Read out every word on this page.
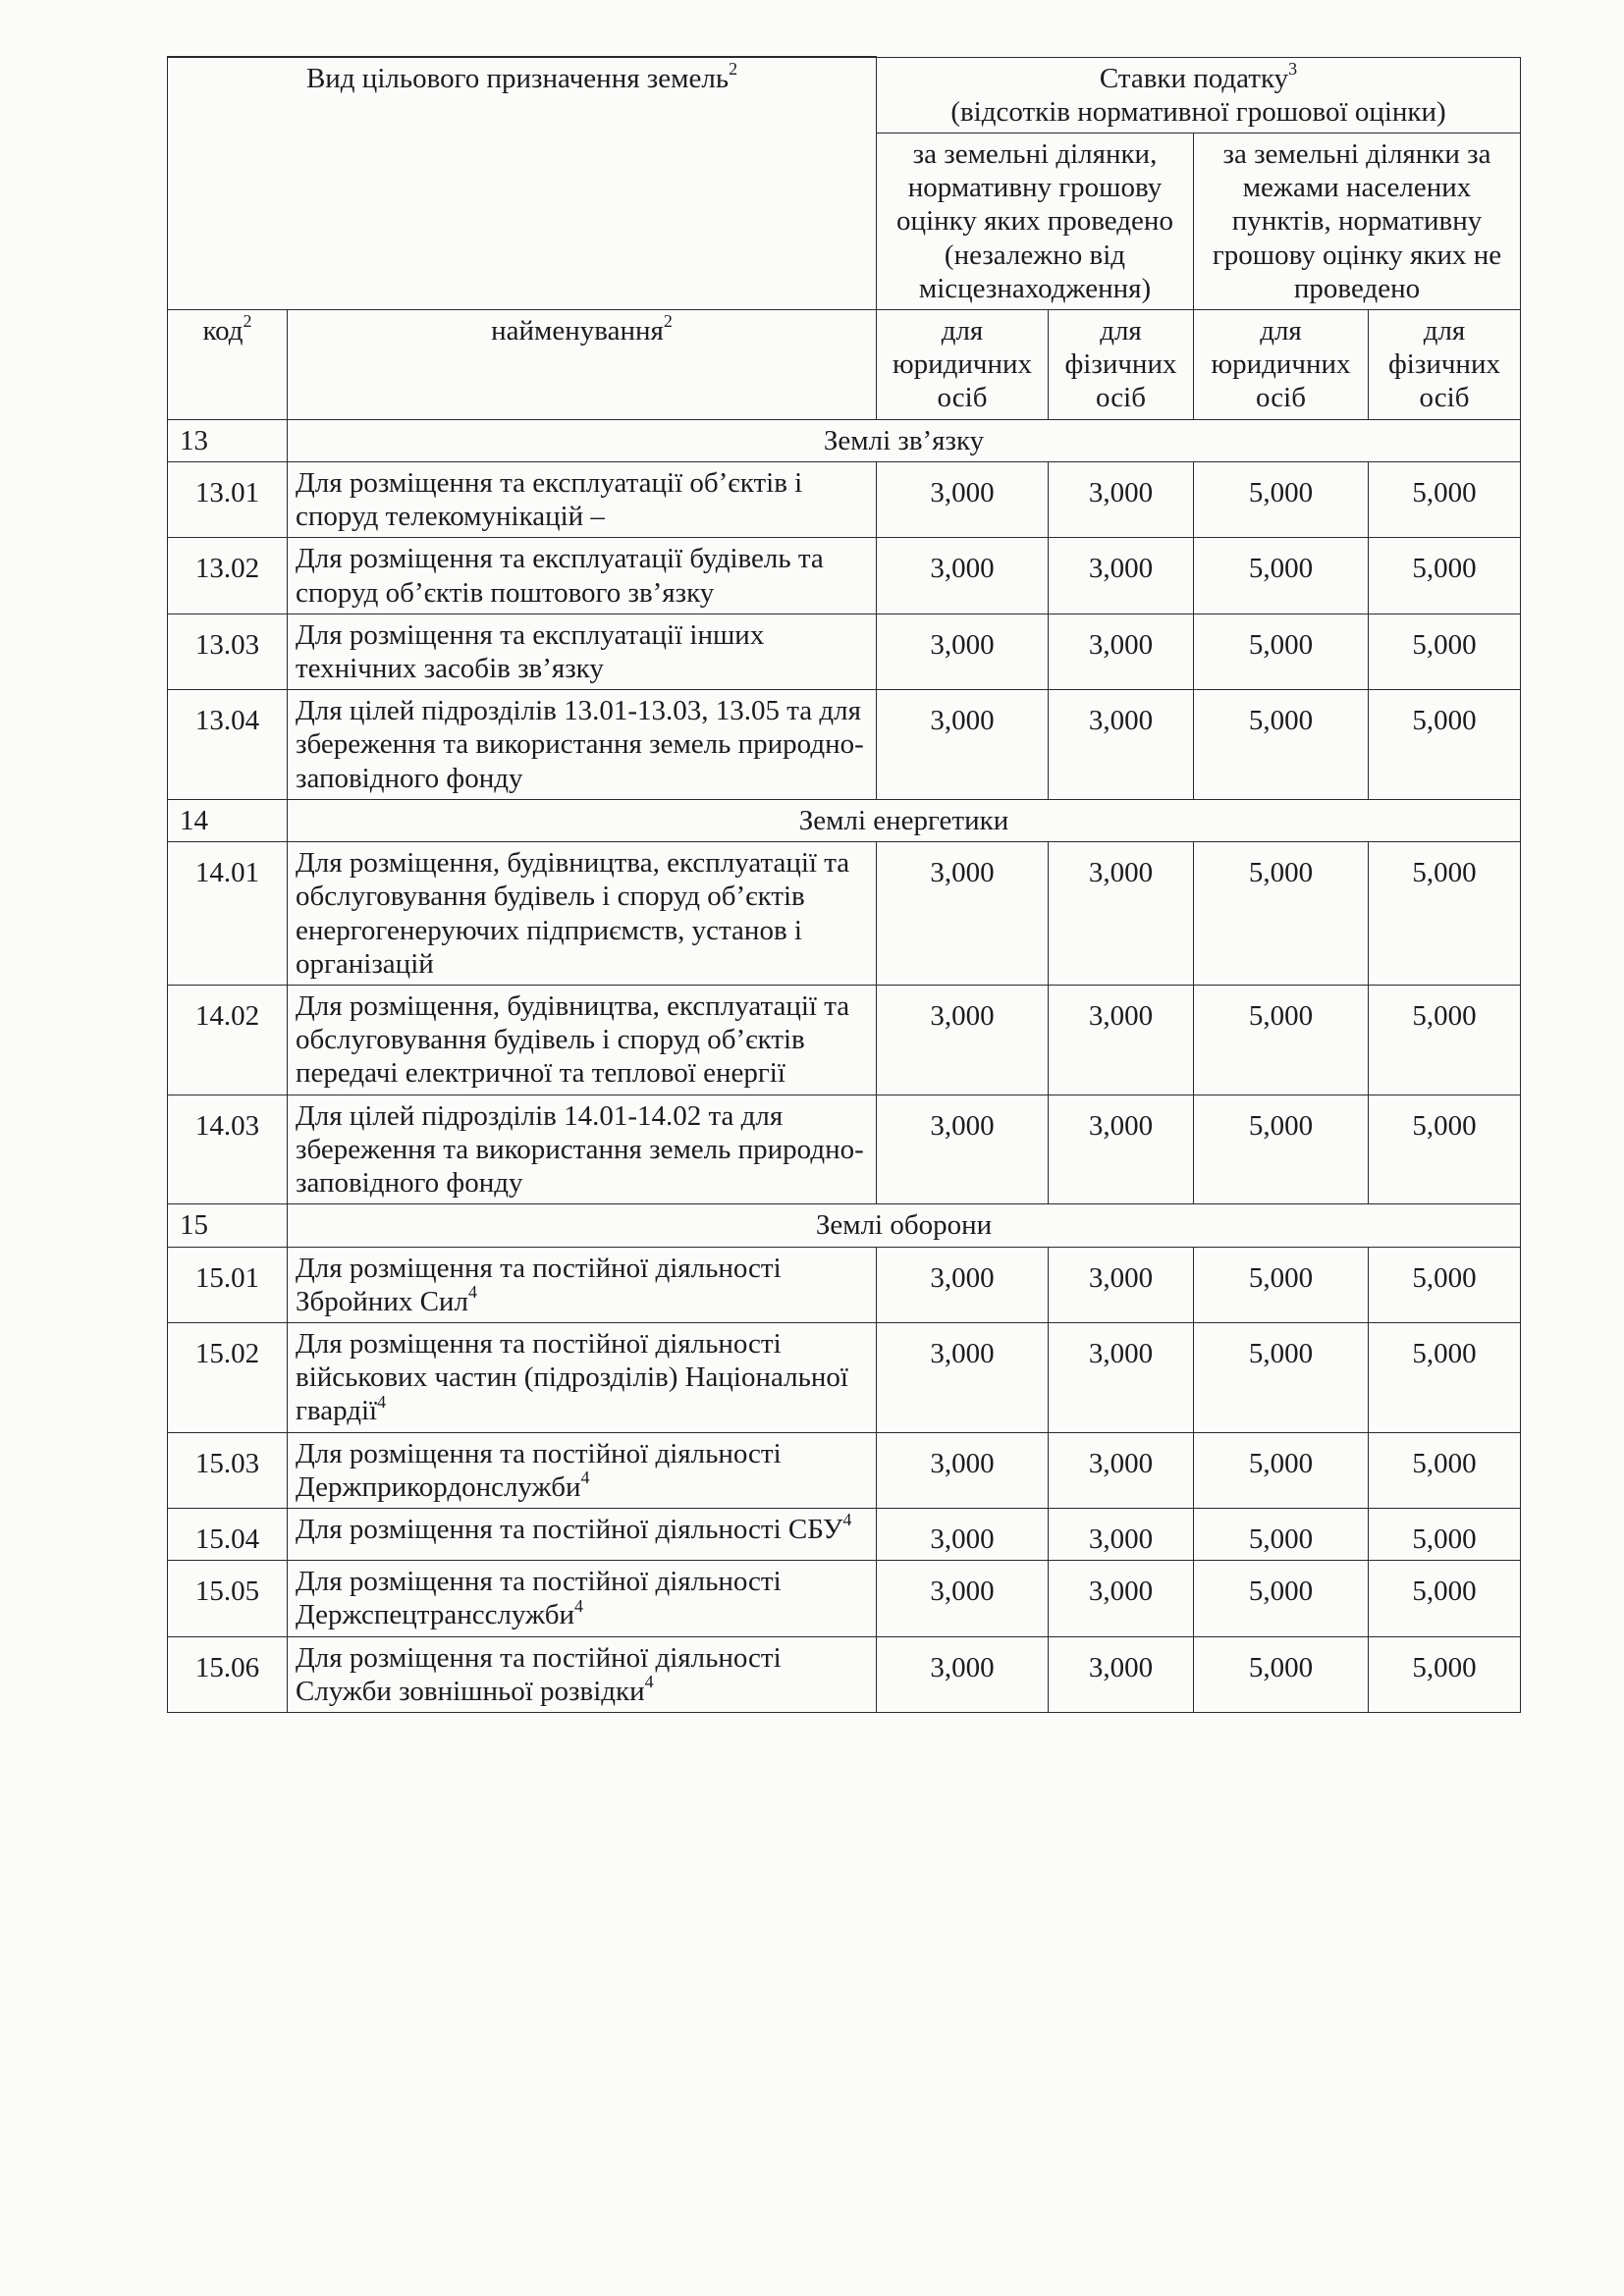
Вид цільового призначення земель$^2$		Ставки податку$^3$
(відсотків нормативної грошової оцінки)			
		за земельні ділянки, нормативну грошову оцінку яких проведено (незалежно від місцезнаходження)		за земельні ділянки за межами населених пунктів, нормативну грошову оцінку яких не проведено	
код$^2$	найменування$^2$	для юридичних осіб	для фізичних осіб	для юридичних осіб	для фізичних осіб
13	Землі зв’язку				
13.01	Для розміщення та експлуатації об’єктів і споруд телекомунікацій –	3,000	3,000	5,000	5,000
13.02	Для розміщення та експлуатації будівель та споруд об’єктів поштового зв’язку	3,000	3,000	5,000	5,000
13.03	Для розміщення та експлуатації інших технічних засобів зв’язку	3,000	3,000	5,000	5,000
13.04	Для цілей підрозділів 13.01-13.03, 13.05 та для збереження та використання земель природно-заповідного фонду	3,000	3,000	5,000	5,000
14	Землі енергетики				
14.01	Для розміщення, будівництва, експлуатації та обслуговування будівель і споруд об’єктів енергогенеруючих підприємств, установ і організацій	3,000	3,000	5,000	5,000
14.02	Для розміщення, будівництва, експлуатації та обслуговування будівель і споруд об’єктів передачі електричної та теплової енергії	3,000	3,000	5,000	5,000
14.03	Для цілей підрозділів 14.01-14.02 та для збереження та використання земель природно-заповідного фонду	3,000	3,000	5,000	5,000
15	Землі оборони				
15.01	Для розміщення та постійної діяльності Збройних Сил$^4$	3,000	3,000	5,000	5,000
15.02	Для розміщення та постійної діяльності військових частин (підрозділів) Національної гвардії$^4$	3,000	3,000	5,000	5,000
15.03	Для розміщення та постійної діяльності Держприкордонслужби$^4$	3,000	3,000	5,000	5,000
15.04	Для розміщення та постійної діяльності СБУ$^4$	3,000	3,000	5,000	5,000
15.05	Для розміщення та постійної діяльності Держспецтрансслужби$^4$	3,000	3,000	5,000	5,000
15.06	Для розміщення та постійної діяльності Служби зовнішньої розвідки$^4$	3,000	3,000	5,000	5,000
